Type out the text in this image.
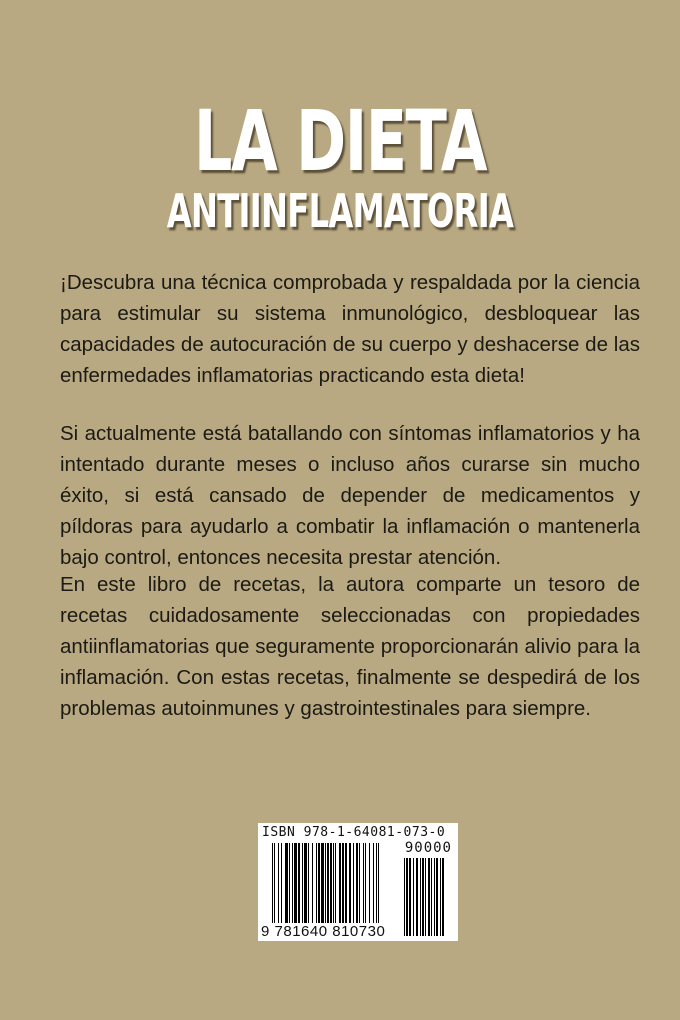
LA DIETA
ANTIINFLAMATORIA

¡Descubra una técnica comprobada y respaldada por la ciencia para estimular su sistema inmunológico, desbloquear las capacidades de autocuración de su cuerpo y deshacerse de las enfermedades inflamatorias practicando esta dieta!

Si actualmente está batallando con síntomas inflamatorios y ha intentado durante meses o incluso años curarse sin mucho éxito, si está cansado de depender de medicamentos y píldoras para ayudarlo a combatir la inflamación o mantenerla bajo control, entonces necesita prestar atención.

En este libro de recetas, la autora comparte un tesoro de recetas cuidadosamente seleccionadas con propiedades antiinflamatorias que seguramente proporcionarán alivio para la inflamación. Con estas recetas, finalmente se despedirá de los problemas autoinmunes y gastrointestinales para siempre.

ISBN 978-1-64081-073-0
90000
9 781640 810730
